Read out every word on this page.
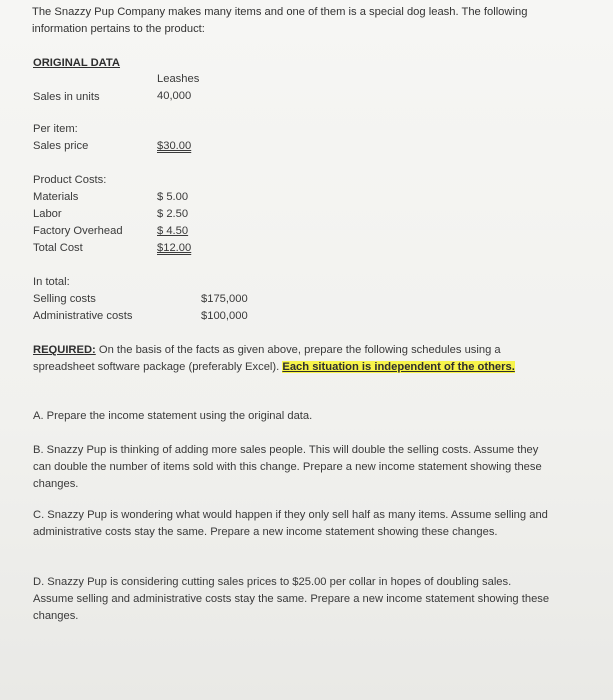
The Snazzy Pup Company makes many items and one of them is a special dog leash. The following information pertains to the product:
ORIGINAL DATA
Leashes
Sales in units	40,000
Per item:
Sales price	$30.00
Product Costs:
Materials	$ 5.00
Labor	$ 2.50
Factory Overhead	$ 4.50
Total Cost	$12.00
In total:
Selling costs	$175,000
Administrative costs	$100,000
REQUIRED: On the basis of the facts as given above, prepare the following schedules using a spreadsheet software package (preferably Excel). Each situation is independent of the others.
A. Prepare the income statement using the original data.
B. Snazzy Pup is thinking of adding more sales people. This will double the selling costs. Assume they can double the number of items sold with this change. Prepare a new income statement showing these changes.
C. Snazzy Pup is wondering what would happen if they only sell half as many items. Assume selling and administrative costs stay the same. Prepare a new income statement showing these changes.
D. Snazzy Pup is considering cutting sales prices to $25.00 per collar in hopes of doubling sales. Assume selling and administrative costs stay the same. Prepare a new income statement showing these changes.
